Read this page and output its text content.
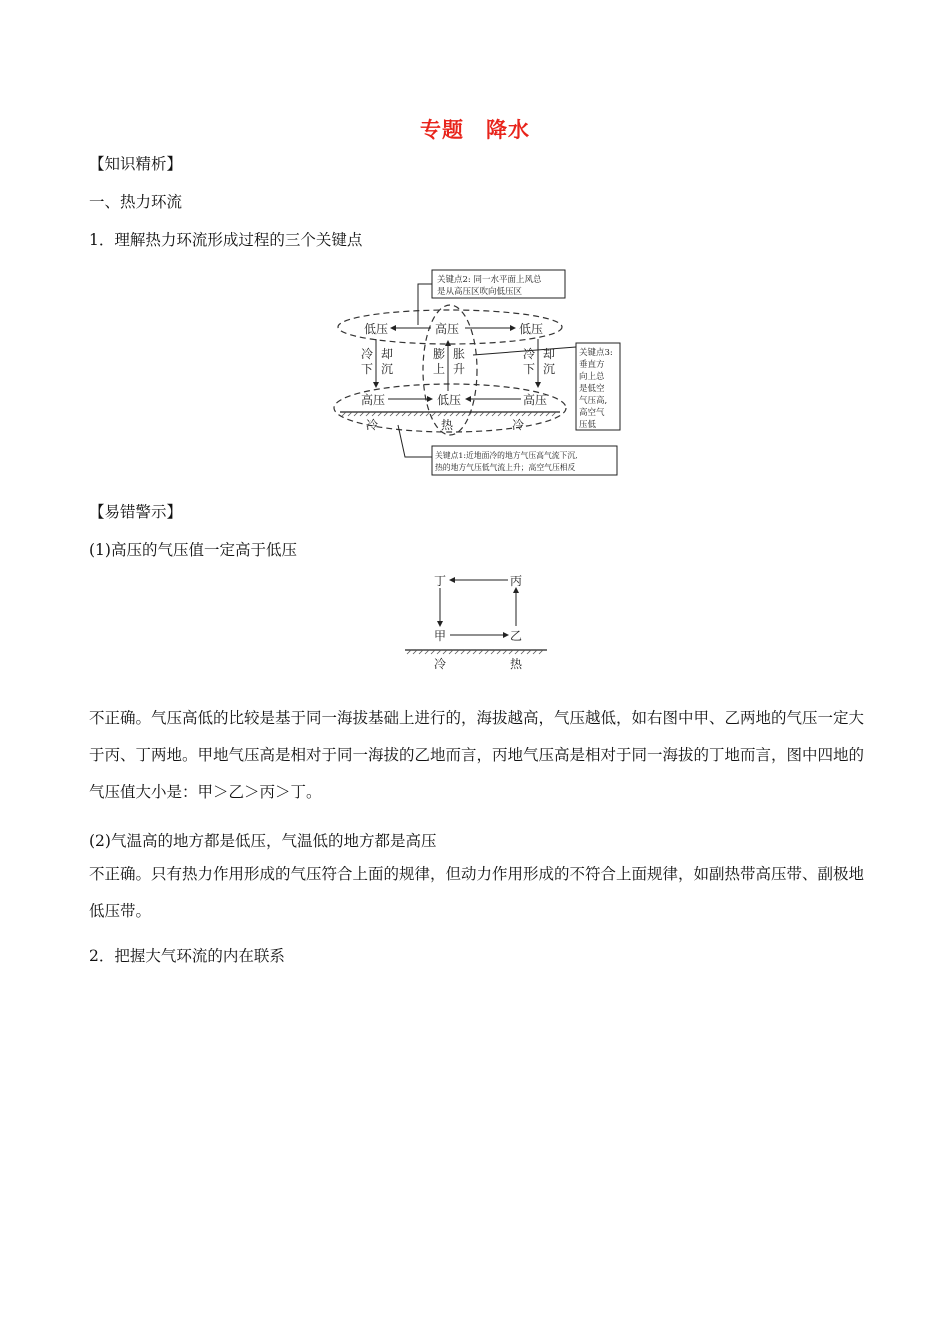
专题　降水
【知识精析】
一、热力环流
1．理解热力环流形成过程的三个关键点
关键点2: 同一水平面上风总
是从高压区吹向低压区
关键点3:
垂直方
向上总
是低空
气压高,
高空气
压低
低压	高压	低压
冷 却
下 沉
膨 胀
上 升
冷 却
下 沉
高压	低压	高压
冷	热	冷
关键点1:近地面冷的地方气压高气流下沉,
热的地方气压低气流上升；高空气压相反
【易错警示】
(1)高压的气压值一定高于低压
丁	丙
甲	乙
冷	热
不正确。气压高低的比较是基于同一海拔基础上进行的，海拔越高，气压越低，如右图中甲、乙两地的气压一定大于丙、丁两地。甲地气压高是相对于同一海拔的乙地而言，丙地气压高是相对于同一海拔的丁地而言，图中四地的气压值大小是：甲＞乙＞丙＞丁。
(2)气温高的地方都是低压，气温低的地方都是高压
不正确。只有热力作用形成的气压符合上面的规律，但动力作用形成的不符合上面规律，如副热带高压带、副极地低压带。
2．把握大气环流的内在联系
